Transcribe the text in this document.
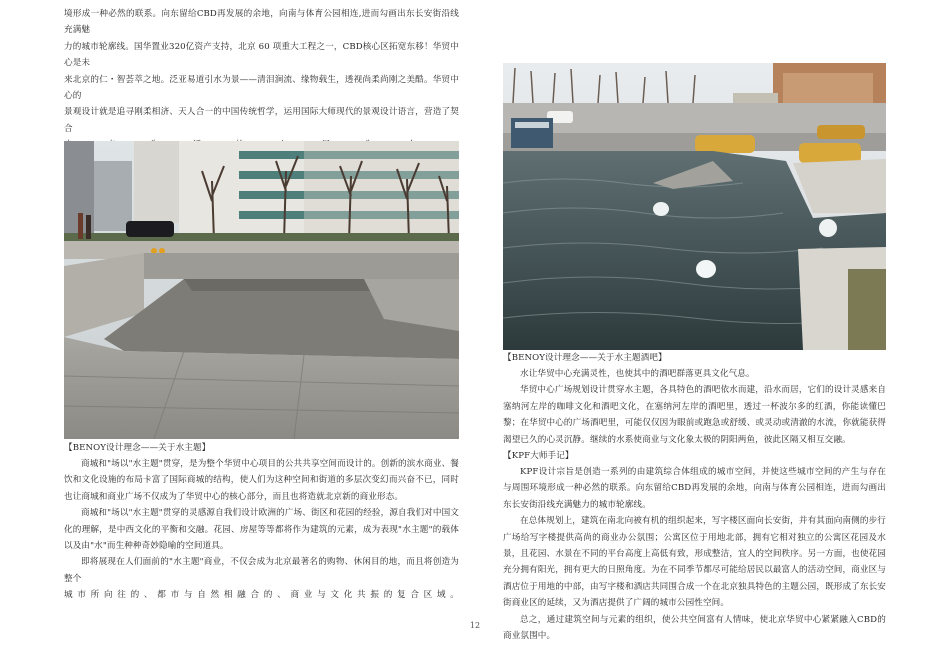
境形成一种必然的联系。向东留给CBD再发展的余地，向南与体育公园相连,进而勾画出东长安街沿线充满魅

力的城市轮廓线。国华置业320亿资产支持，北京 60 项重大工程之一，CBD核心区拓宽东移！华贸中心是未

来北京的仁・智荟萃之地。泛亚易道引水为景——清泪涧流、缘物载生，透视尚柔尚刚之美酷。华贸中心的

景观设计就是追寻刚柔相济、天人合一的中国传统哲学，运用国际大师现代的景观设计语言，营造了契合

【BENOY设计理念——关于水主题】

商城和"场以"水主题"贯穿，是为整个华贸中心项目的公共共享空间而设计的。创新的滨水商业、餐饮和文化设施的布局卡富了国际商城的结构，使人们为这种空间和街道的多层次变幻而兴奋不已，同时也让商城和商业广场不仅成为了华贸中心的核心部分，而且也将造就北京新的商业形态。

商城和"场以"水主题"贯穿的灵感源自我们设计欧洲的广场、街区和花园的经验，源自我们对中国文化的理解，是中西文化的平衡和交融。花园、房屋等等都将作为建筑的元素，成为表现"水主题"的载体以及由"水"而生种种奇妙隐喻的空间道具。

即将展现在人们面前的"水主题"商业，不仅会成为北京最著名的购物、休闲目的地，而且将创造为整个

城市所向往的、都市与自然相融合的、商业与文化共振的复合区域。

【BENOY设计理念——关于水主题酒吧】

水让华贸中心充满灵性，也使其中的酒吧群落更具文化气息。

华贸中心广场规划设计贯穿水主题，各具特色的酒吧依水而建，沿水而居，它们的设计灵感来自塞纳河左岸的咖啡文化和酒吧文化，在塞纳河左岸的酒吧里，透过一杯波尔多的红酒，你能读懂巴黎；在华贸中心的广场酒吧里，可能仅仅因为眼前或跑急或舒缓、或灵动或清澈的水流，你就能获得渴望已久的心灵沉静。继续的水系使商业与文化象太极的阴阳两鱼，彼此区隔又相互交融。

【KPF大师手记】

KPF设计宗旨是创造一系列的由建筑综合体组成的城市空间，并使这些城市空间的产生与存在与周围环境形成一种必然的联系。向东留给CBD再发展的余地，向南与体育公园相连，进而勾画出东长安街沿线充满魅力的城市轮廓线。

在总体规划上，建筑在南北向被有机的组织起来，写字楼区面向长安街，并有其面向南侧的步行广场给写字楼提供高尚的商业办公氛围；公寓区位于用地北部，拥有它相对独立的公寓区花园及水景，且花园、水景在不同的平台高度上高低有致，形成整洁，宜人的空间秩序。另一方面，也使花园充分拥有阳光，拥有更大的日照角度。为在不同季节都尽可能给居民以最富人的活动空间，商业区与酒店位于用地的中部，由写字楼和酒店共同围合成一个在北京独具特色的主题公园，既形成了东长安街商业区的延续，又为酒店提供了广阔的城市公园性空间。

总之，通过建筑空间与元素的组织，使公共空间富有人情味，使北京华贸中心紧紧融入CBD的商业氛围中。

12
